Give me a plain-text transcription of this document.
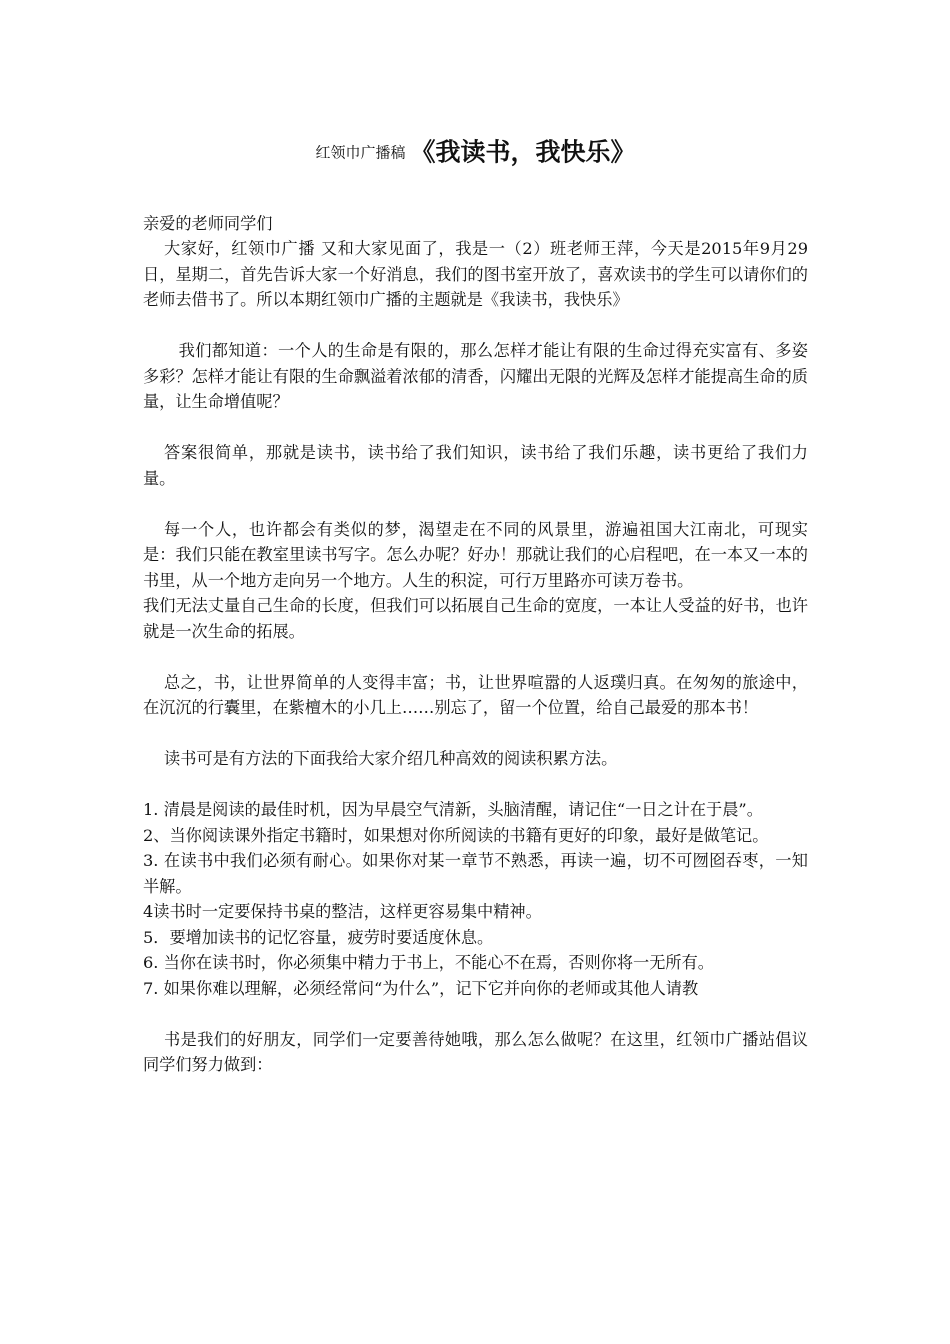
红领巾广播稿 《我读书，我快乐》

亲爱的老师同学们

大家好，红领巾广播 又和大家见面了，我是一（2）班老师王萍，今天是2015年9月29日，星期二，首先告诉大家一个好消息，我们的图书室开放了，喜欢读书的学生可以请你们的老师去借书了。所以本期红领巾广播的主题就是《我读书，我快乐》

我们都知道：一个人的生命是有限的，那么怎样才能让有限的生命过得充实富有、多姿多彩？怎样才能让有限的生命飘溢着浓郁的清香，闪耀出无限的光辉及怎样才能提高生命的质量，让生命增值呢？

答案很简单，那就是读书，读书给了我们知识，读书给了我们乐趣，读书更给了我们力量。

每一个人，也许都会有类似的梦，渴望走在不同的风景里，游遍祖国大江南北，可现实是：我们只能在教室里读书写字。怎么办呢？好办！那就让我们的心启程吧，在一本又一本的书里，从一个地方走向另一个地方。人生的积淀，可行万里路亦可读万卷书。

我们无法丈量自己生命的长度，但我们可以拓展自己生命的宽度，一本让人受益的好书，也许就是一次生命的拓展。

总之，书，让世界简单的人变得丰富；书，让世界喧嚣的人返璞归真。在匆匆的旅途中，在沉沉的行囊里，在紫檀木的小几上……别忘了，留一个位置，给自己最爱的那本书！

读书可是有方法的下面我给大家介绍几种高效的阅读积累方法。

1. 清晨是阅读的最佳时机，因为早晨空气清新，头脑清醒，请记住“一日之计在于晨”。

2、当你阅读课外指定书籍时，如果想对你所阅读的书籍有更好的印象，最好是做笔记。

3. 在读书中我们必须有耐心。如果你对某一章节不熟悉，再读一遍，切不可囫囵吞枣，一知半解。

4读书时一定要保持书桌的整洁，这样更容易集中精神。

5．要增加读书的记忆容量，疲劳时要适度休息。

6. 当你在读书时，你必须集中精力于书上，不能心不在焉，否则你将一无所有。

7. 如果你难以理解，必须经常问“为什么”，记下它并向你的老师或其他人请教

书是我们的好朋友，同学们一定要善待她哦，那么怎么做呢？在这里，红领巾广播站倡议同学们努力做到：
